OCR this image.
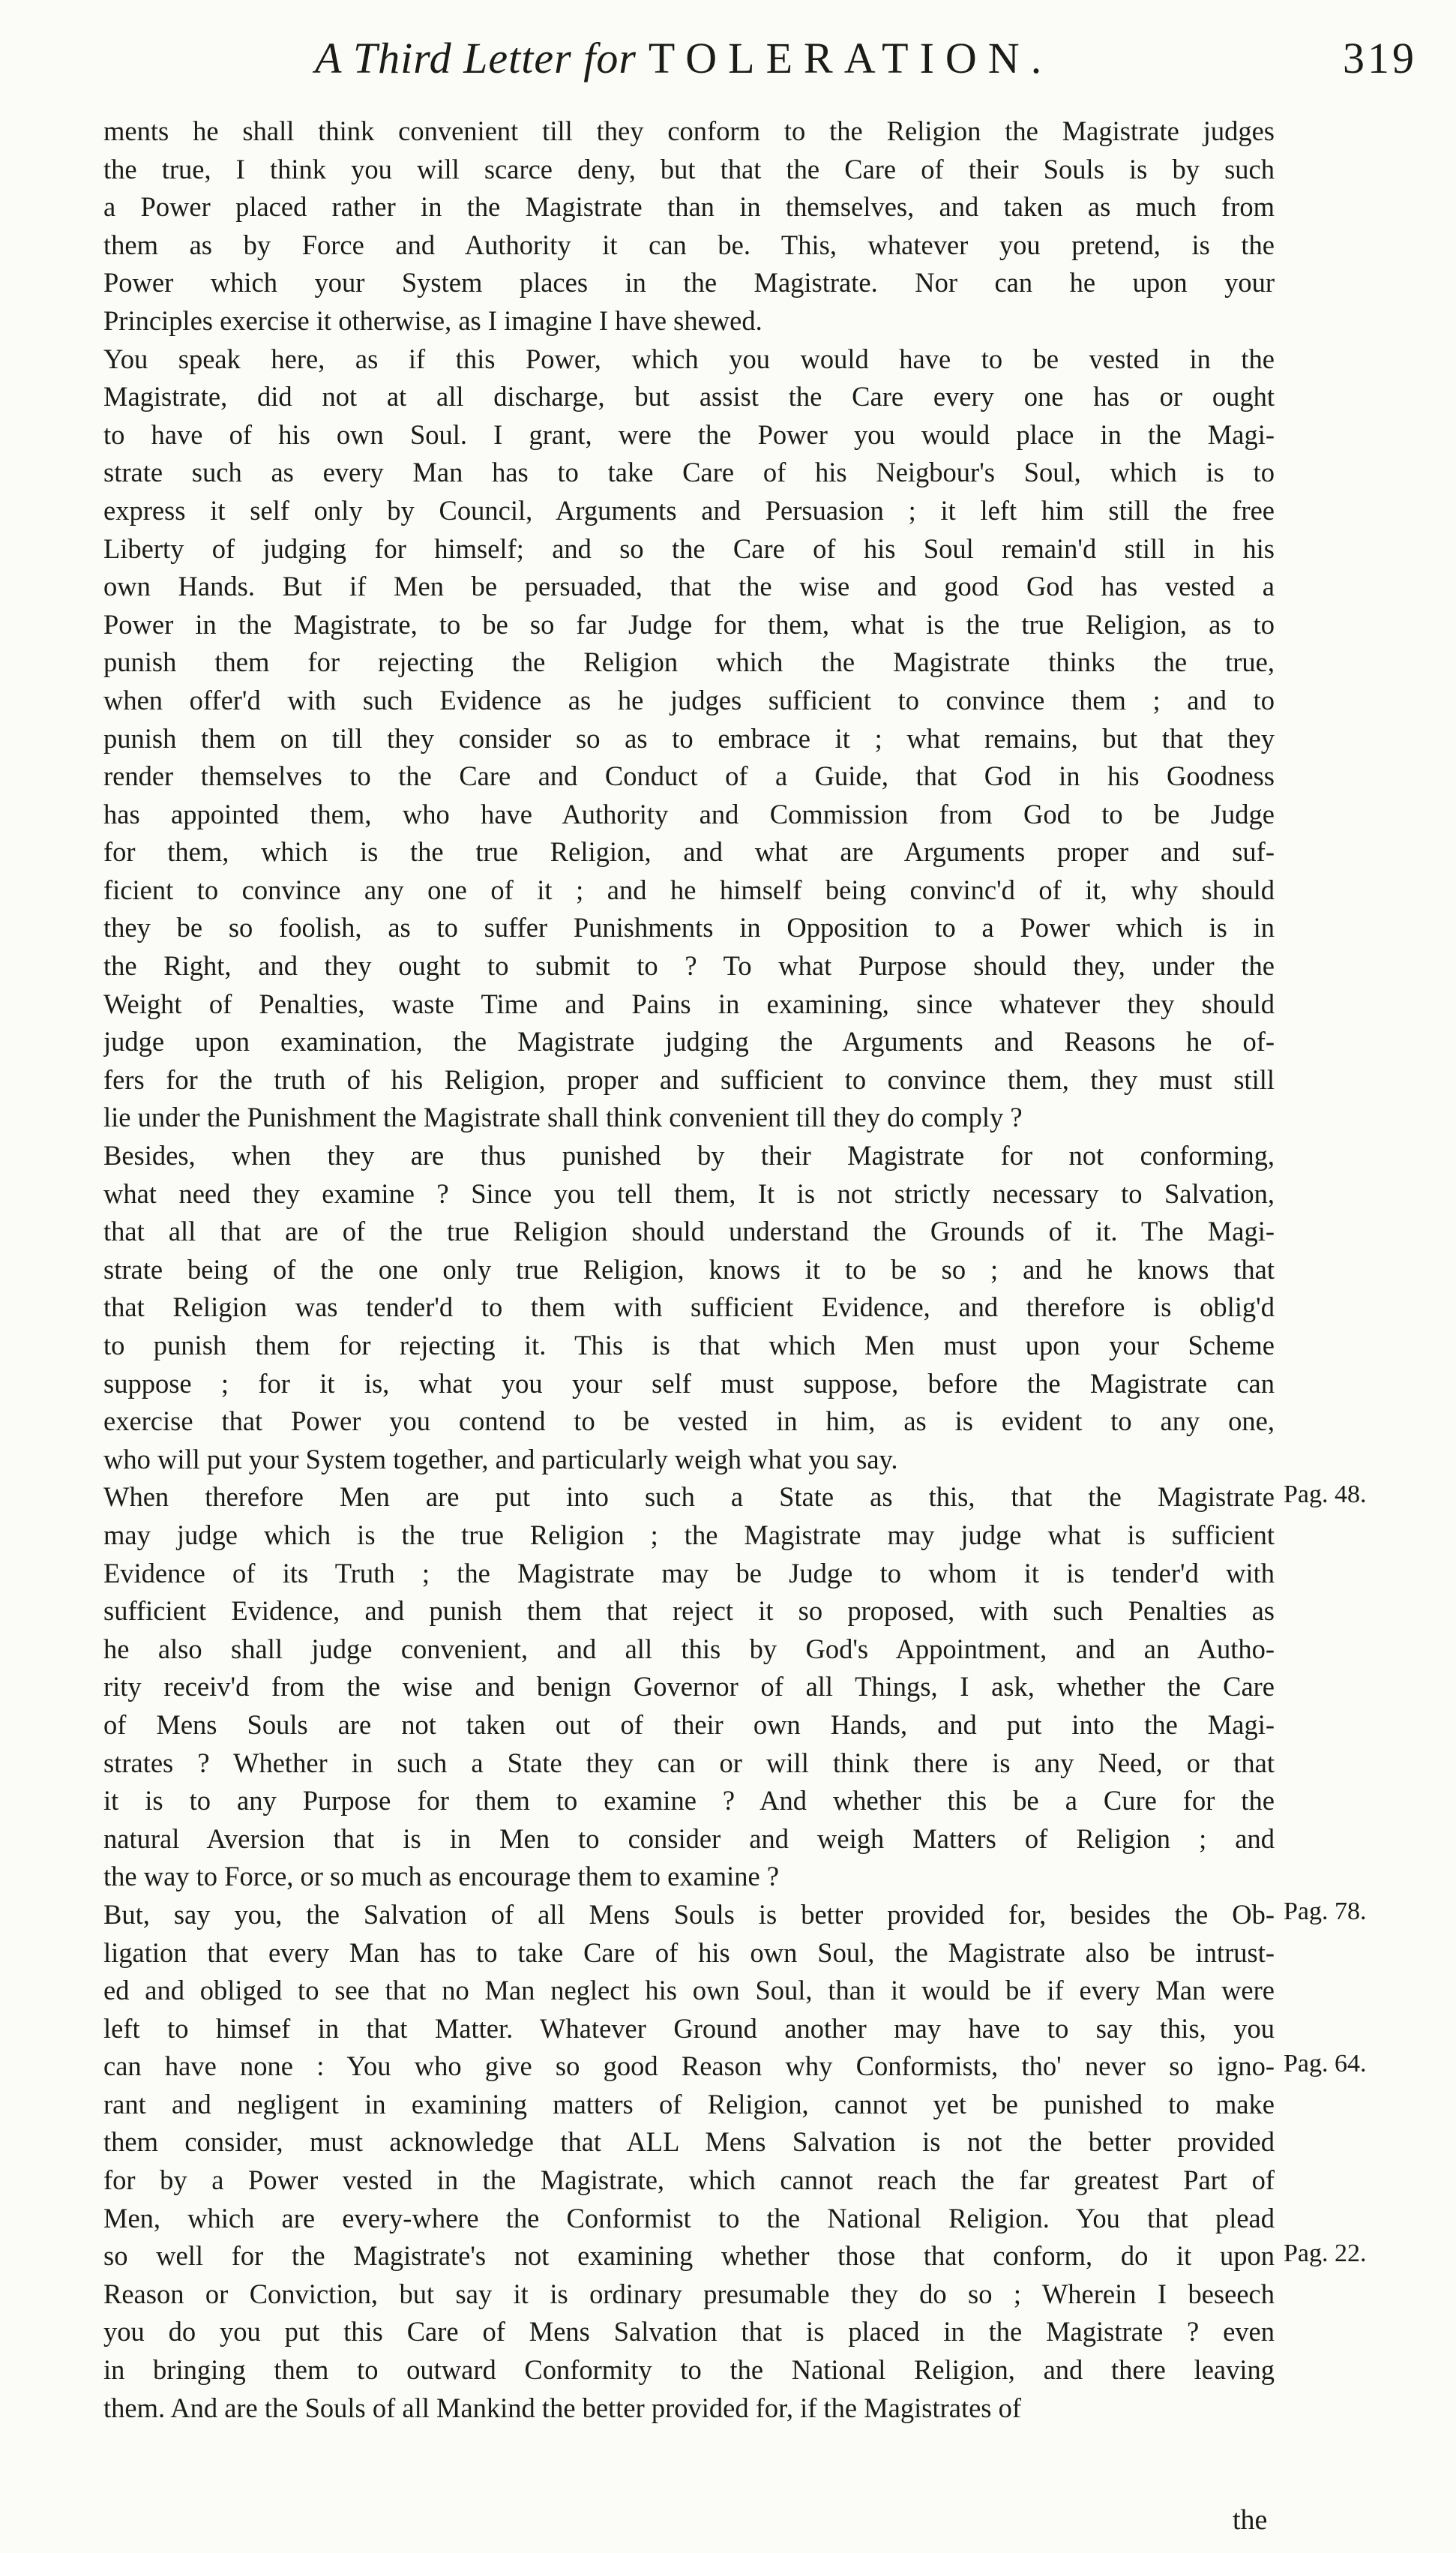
A Third Letter for TOLERATION.	319
ments he shall think convenient till they conform to the Religion the Magistrate judges
the true, I think you will scarce deny, but that the Care of their Souls is by such
a Power placed rather in the Magistrate than in themselves, and taken as much from
them as by Force and Authority it can be. This, whatever you pretend, is the
Power which your System places in the Magistrate. Nor can he upon your
Principles exercise it otherwise, as I imagine I have shewed.
You speak here, as if this Power, which you would have to be vested in the
Magistrate, did not at all discharge, but assist the Care every one has or ought
to have of his own Soul. I grant, were the Power you would place in the Magi-
strate such as every Man has to take Care of his Neigbour's Soul, which is to
express it self only by Council, Arguments and Persuasion ; it left him still the free
Liberty of judging for himself; and so the Care of his Soul remain'd still in his
own Hands. But if Men be persuaded, that the wise and good God has vested a
Power in the Magistrate, to be so far Judge for them, what is the true Religion, as to
punish them for rejecting the Religion which the Magistrate thinks the true,
when offer'd with such Evidence as he judges sufficient to convince them ; and to
punish them on till they consider so as to embrace it ; what remains, but that they
render themselves to the Care and Conduct of a Guide, that God in his Goodness
has appointed them, who have Authority and Commission from God to be Judge
for them, which is the true Religion, and what are Arguments proper and suf-
ficient to convince any one of it ; and he himself being convinc'd of it, why should
they be so foolish, as to suffer Punishments in Opposition to a Power which is in
the Right, and they ought to submit to ? To what Purpose should they, under the
Weight of Penalties, waste Time and Pains in examining, since whatever they should
judge upon examination, the Magistrate judging the Arguments and Reasons he of-
fers for the truth of his Religion, proper and sufficient to convince them, they must still
lie under the Punishment the Magistrate shall think convenient till they do comply ?
Besides, when they are thus punished by their Magistrate for not conforming,
what need they examine ? Since you tell them, It is not strictly necessary to Salvation,
that all that are of the true Religion should understand the Grounds of it. The Magi-
strate being of the one only true Religion, knows it to be so ; and he knows that
that Religion was tender'd to them with sufficient Evidence, and therefore is oblig'd
to punish them for rejecting it. This is that which Men must upon your Scheme
suppose ; for it is, what you your self must suppose, before the Magistrate can
exercise that Power you contend to be vested in him, as is evident to any one,
who will put your System together, and particularly weigh what you say.
When therefore Men are put into such a State as this, that the Magistrate
may judge which is the true Religion ; the Magistrate may judge what is sufficient
Evidence of its Truth ; the Magistrate may be Judge to whom it is tender'd with
sufficient Evidence, and punish them that reject it so proposed, with such Penalties as
he also shall judge convenient, and all this by God's Appointment, and an Autho-
rity receiv'd from the wise and benign Governor of all Things, I ask, whether the Care
of Mens Souls are not taken out of their own Hands, and put into the Magi-
strates ? Whether in such a State they can or will think there is any Need, or that
it is to any Purpose for them to examine ? And whether this be a Cure for the
natural Aversion that is in Men to consider and weigh Matters of Religion ; and
the way to Force, or so much as encourage them to examine ?
But, say you, the Salvation of all Mens Souls is better provided for, besides the Ob-
ligation that every Man has to take Care of his own Soul, the Magistrate also be intrust-
ed and obliged to see that no Man neglect his own Soul, than it would be if every Man were
left to himsef in that Matter. Whatever Ground another may have to say this, you
can have none : You who give so good Reason why Conformists, tho' never so igno-
rant and negligent in examining matters of Religion, cannot yet be punished to make
them consider, must acknowledge that ALL Mens Salvation is not the better provided
for by a Power vested in the Magistrate, which cannot reach the far greatest Part of
Men, which are every-where the Conformist to the National Religion. You that plead
so well for the Magistrate's not examining whether those that conform, do it upon
Reason or Conviction, but say it is ordinary presumable they do so ; Wherein I beseech
you do you put this Care of Mens Salvation that is placed in the Magistrate ? even
in bringing them to outward Conformity to the National Religion, and there leaving
them. And are the Souls of all Mankind the better provided for, if the Magistrates of
Pag. 48.
Pag. 78.
Pag. 64.
Pag. 22.
the
